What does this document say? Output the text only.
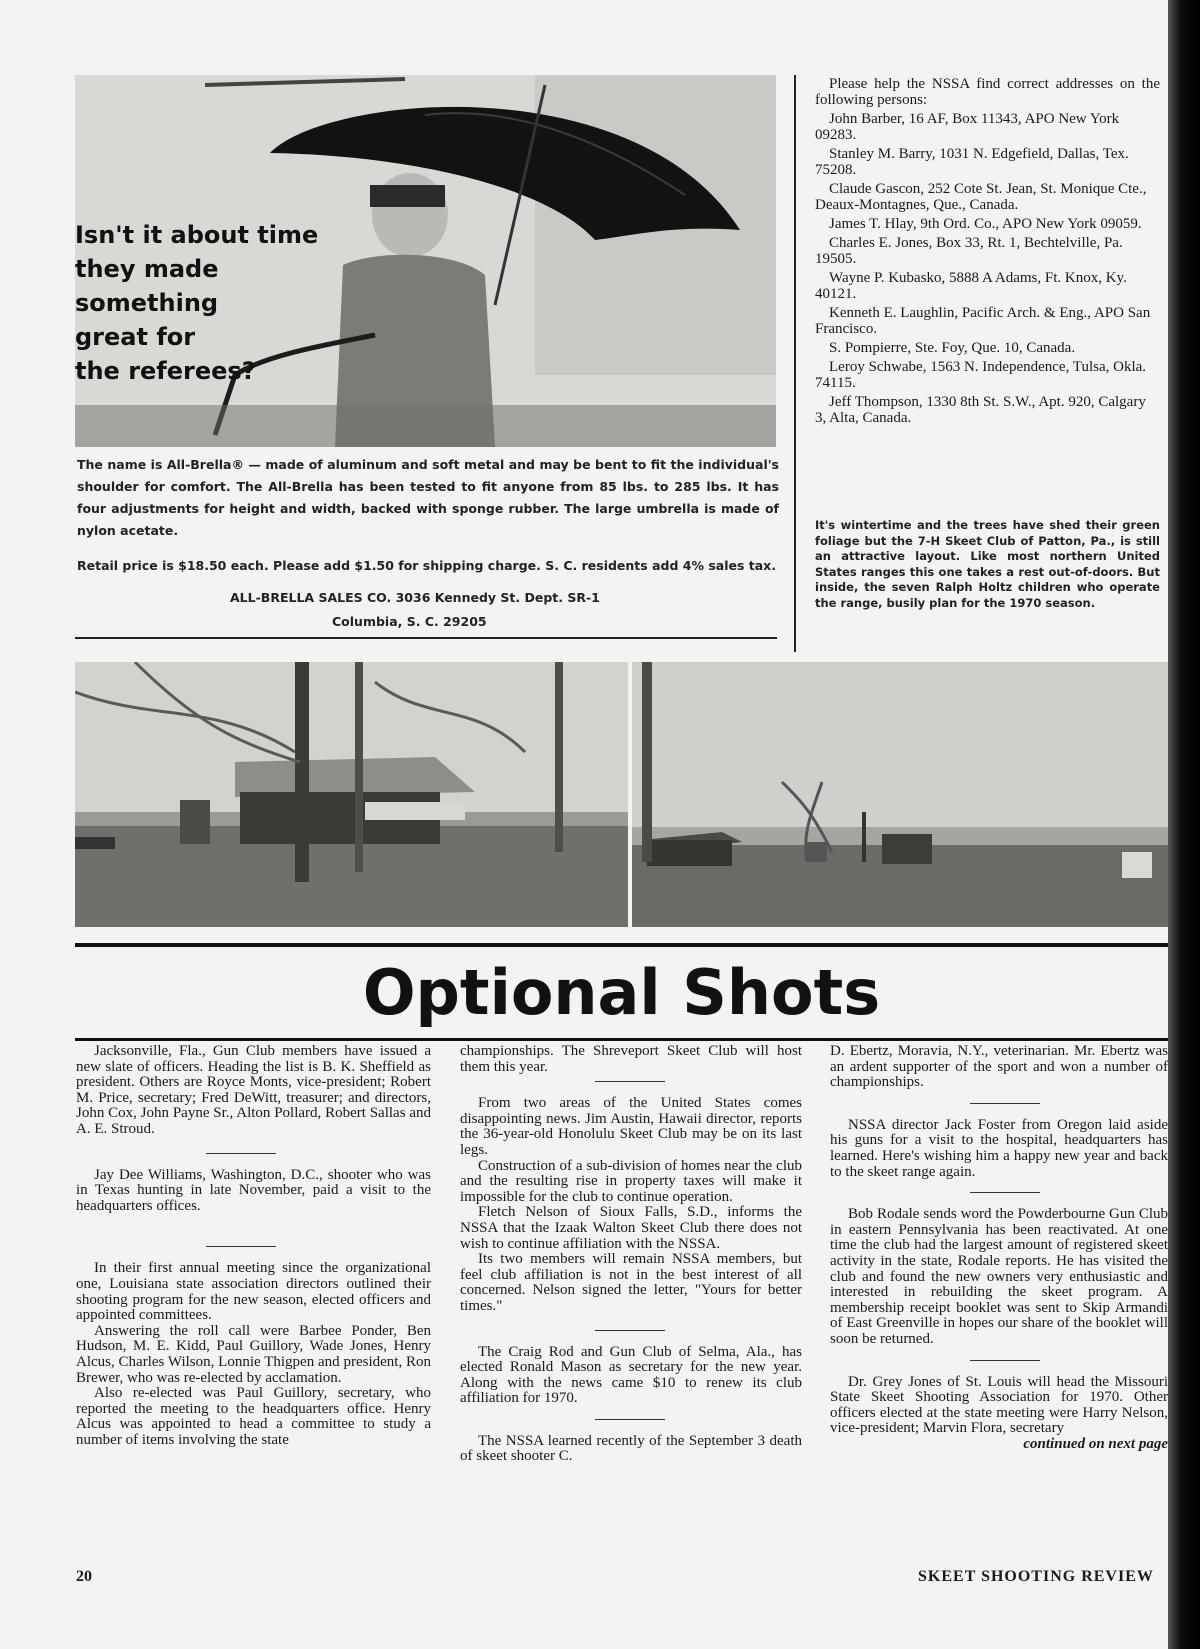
Isn't it about time
they made something
great for
the referees?
The name is All-Brella® — made of aluminum and soft metal and may be bent to fit the individual's shoulder for comfort. The All-Brella has been tested to fit anyone from 85 lbs. to 285 lbs. It has four adjustments for height and width, backed with sponge rubber. The large umbrella is made of nylon acetate.
Retail price is $18.50 each. Please add $1.50 for shipping charge. S. C. residents add 4% sales tax.
ALL-BRELLA SALES CO. 3036 Kennedy St. Dept. SR-1
Columbia, S. C. 29205

Please help the NSSA find correct addresses on the following persons:

John Barber, 16 AF, Box 11343, APO New York 09283.

Stanley M. Barry, 1031 N. Edgefield, Dallas, Tex. 75208.

Claude Gascon, 252 Cote St. Jean, St. Monique Cte., Deaux-Montagnes, Que., Canada.

James T. Hlay, 9th Ord. Co., APO New York 09059.

Charles E. Jones, Box 33, Rt. 1, Bechtelville, Pa. 19505.

Wayne P. Kubasko, 5888 A Adams, Ft. Knox, Ky. 40121.

Kenneth E. Laughlin, Pacific Arch. & Eng., APO San Francisco.

S. Pompierre, Ste. Foy, Que. 10, Canada.

Leroy Schwabe, 1563 N. Independence, Tulsa, Okla. 74115.

Jeff Thompson, 1330 8th St. S.W., Apt. 920, Calgary 3, Alta, Canada.

It's wintertime and the trees have shed their green foliage but the 7-H Skeet Club of Patton, Pa., is still an attractive layout. Like most northern United States ranges this one takes a rest out-of-doors. But inside, the seven Ralph Holtz children who operate the range, busily plan for the 1970 season.
Optional Shots

Jacksonville, Fla., Gun Club members have issued a new slate of officers. Heading the list is B. K. Sheffield as president. Others are Royce Monts, vice-president; Robert M. Price, secretary; Fred DeWitt, treasurer; and directors, John Cox, John Payne Sr., Alton Pollard, Robert Sallas and A. E. Stroud.

Jay Dee Williams, Washington, D.C., shooter who was in Texas hunting in late November, paid a visit to the headquarters offices.

In their first annual meeting since the organizational one, Louisiana state association directors outlined their shooting program for the new season, elected officers and appointed committees.

Answering the roll call were Barbee Ponder, Ben Hudson, M. E. Kidd, Paul Guillory, Wade Jones, Henry Alcus, Charles Wilson, Lonnie Thigpen and president, Ron Brewer, who was re-elected by acclamation.

Also re-elected was Paul Guillory, secretary, who reported the meeting to the headquarters office. Henry Alcus was appointed to head a committee to study a number of items involving the state

championships. The Shreveport Skeet Club will host them this year.

From two areas of the United States comes disappointing news. Jim Austin, Hawaii director, reports the 36-year-old Honolulu Skeet Club may be on its last legs.

Construction of a sub-division of homes near the club and the resulting rise in property taxes will make it impossible for the club to continue operation.

Fletch Nelson of Sioux Falls, S.D., informs the NSSA that the Izaak Walton Skeet Club there does not wish to continue affiliation with the NSSA.

Its two members will remain NSSA members, but feel club affiliation is not in the best interest of all concerned. Nelson signed the letter, "Yours for better times."

The Craig Rod and Gun Club of Selma, Ala., has elected Ronald Mason as secretary for the new year. Along with the news came $10 to renew its club affiliation for 1970.

The NSSA learned recently of the September 3 death of skeet shooter C.

D. Ebertz, Moravia, N.Y., veterinarian. Mr. Ebertz was an ardent supporter of the sport and won a number of championships.

NSSA director Jack Foster from Oregon laid aside his guns for a visit to the hospital, headquarters has learned. Here's wishing him a happy new year and back to the skeet range again.

Bob Rodale sends word the Powderbourne Gun Club in eastern Pennsylvania has been reactivated. At one time the club had the largest amount of registered skeet activity in the state, Rodale reports. He has visited the club and found the new owners very enthusiastic and interested in rebuilding the skeet program. A membership receipt booklet was sent to Skip Armandi of East Greenville in hopes our share of the booklet will soon be returned.

Dr. Grey Jones of St. Louis will head the Missouri State Skeet Shooting Association for 1970. Other officers elected at the state meeting were Harry Nelson, vice-president; Marvin Flora, secretary

continued on next page
20	SKEET SHOOTING REVIEW
